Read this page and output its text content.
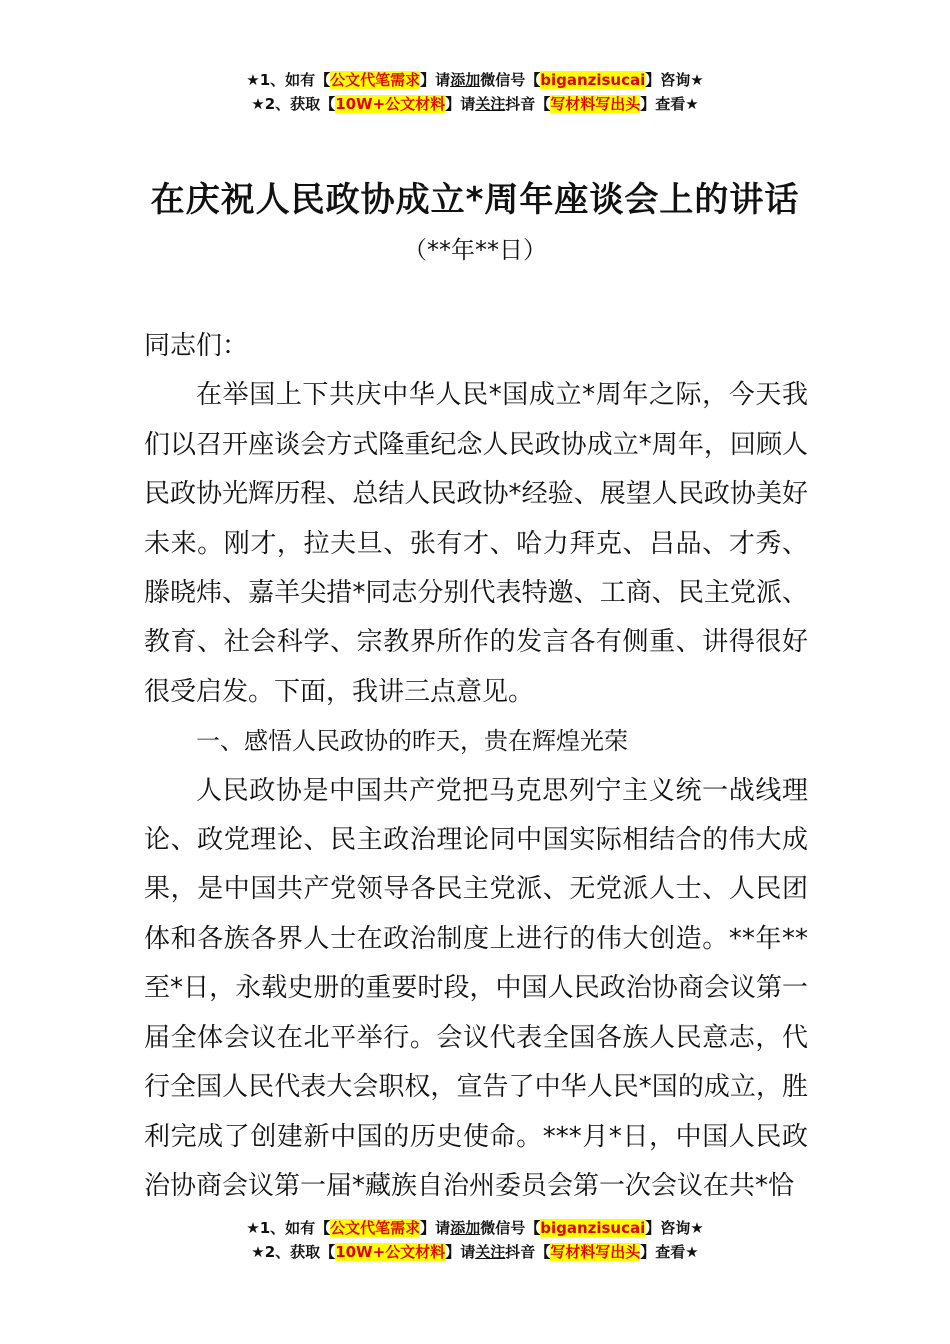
★1、如有【公文代笔需求】请添加微信号【biganzisucai】咨询★
★2、获取【10W+公文材料】请关注抖音【写材料写出头】查看★
在庆祝人民政协成立*周年座谈会上的讲话
（**年**日）

同志们：

在举国上下共庆中华人民*国成立*周年之际，今天我们以召开座谈会方式隆重纪念人民政协成立*周年，回顾人民政协光辉历程、总结人民政协*经验、展望人民政协美好未来。刚才，拉夫旦、张有才、哈力拜克、吕品、才秀、滕晓炜、嘉羊尖措*同志分别代表特邀、工商、民主党派、教育、社会科学、宗教界所作的发言各有侧重、讲得很好很受启发。下面，我讲三点意见。

一、感悟人民政协的昨天，贵在辉煌光荣

人民政协是中国共产党把马克思列宁主义统一战线理论、政党理论、民主政治理论同中国实际相结合的伟大成果，是中国共产党领导各民主党派、无党派人士、人民团体和各族各界人士在政治制度上进行的伟大创造。**年**至*日，永载史册的重要时段，中国人民政治协商会议第一届全体会议在北平举行。会议代表全国各族人民意志，代行全国人民代表大会职权，宣告了中华人民*国的成立，胜利完成了创建新中国的历史使命。***月*日，中国人民政治协商会议第一届*藏族自治州委员会第一次会议在共*恰

★1、如有【公文代笔需求】请添加微信号【biganzisucai】咨询★
★2、获取【10W+公文材料】请关注抖音【写材料写出头】查看★
